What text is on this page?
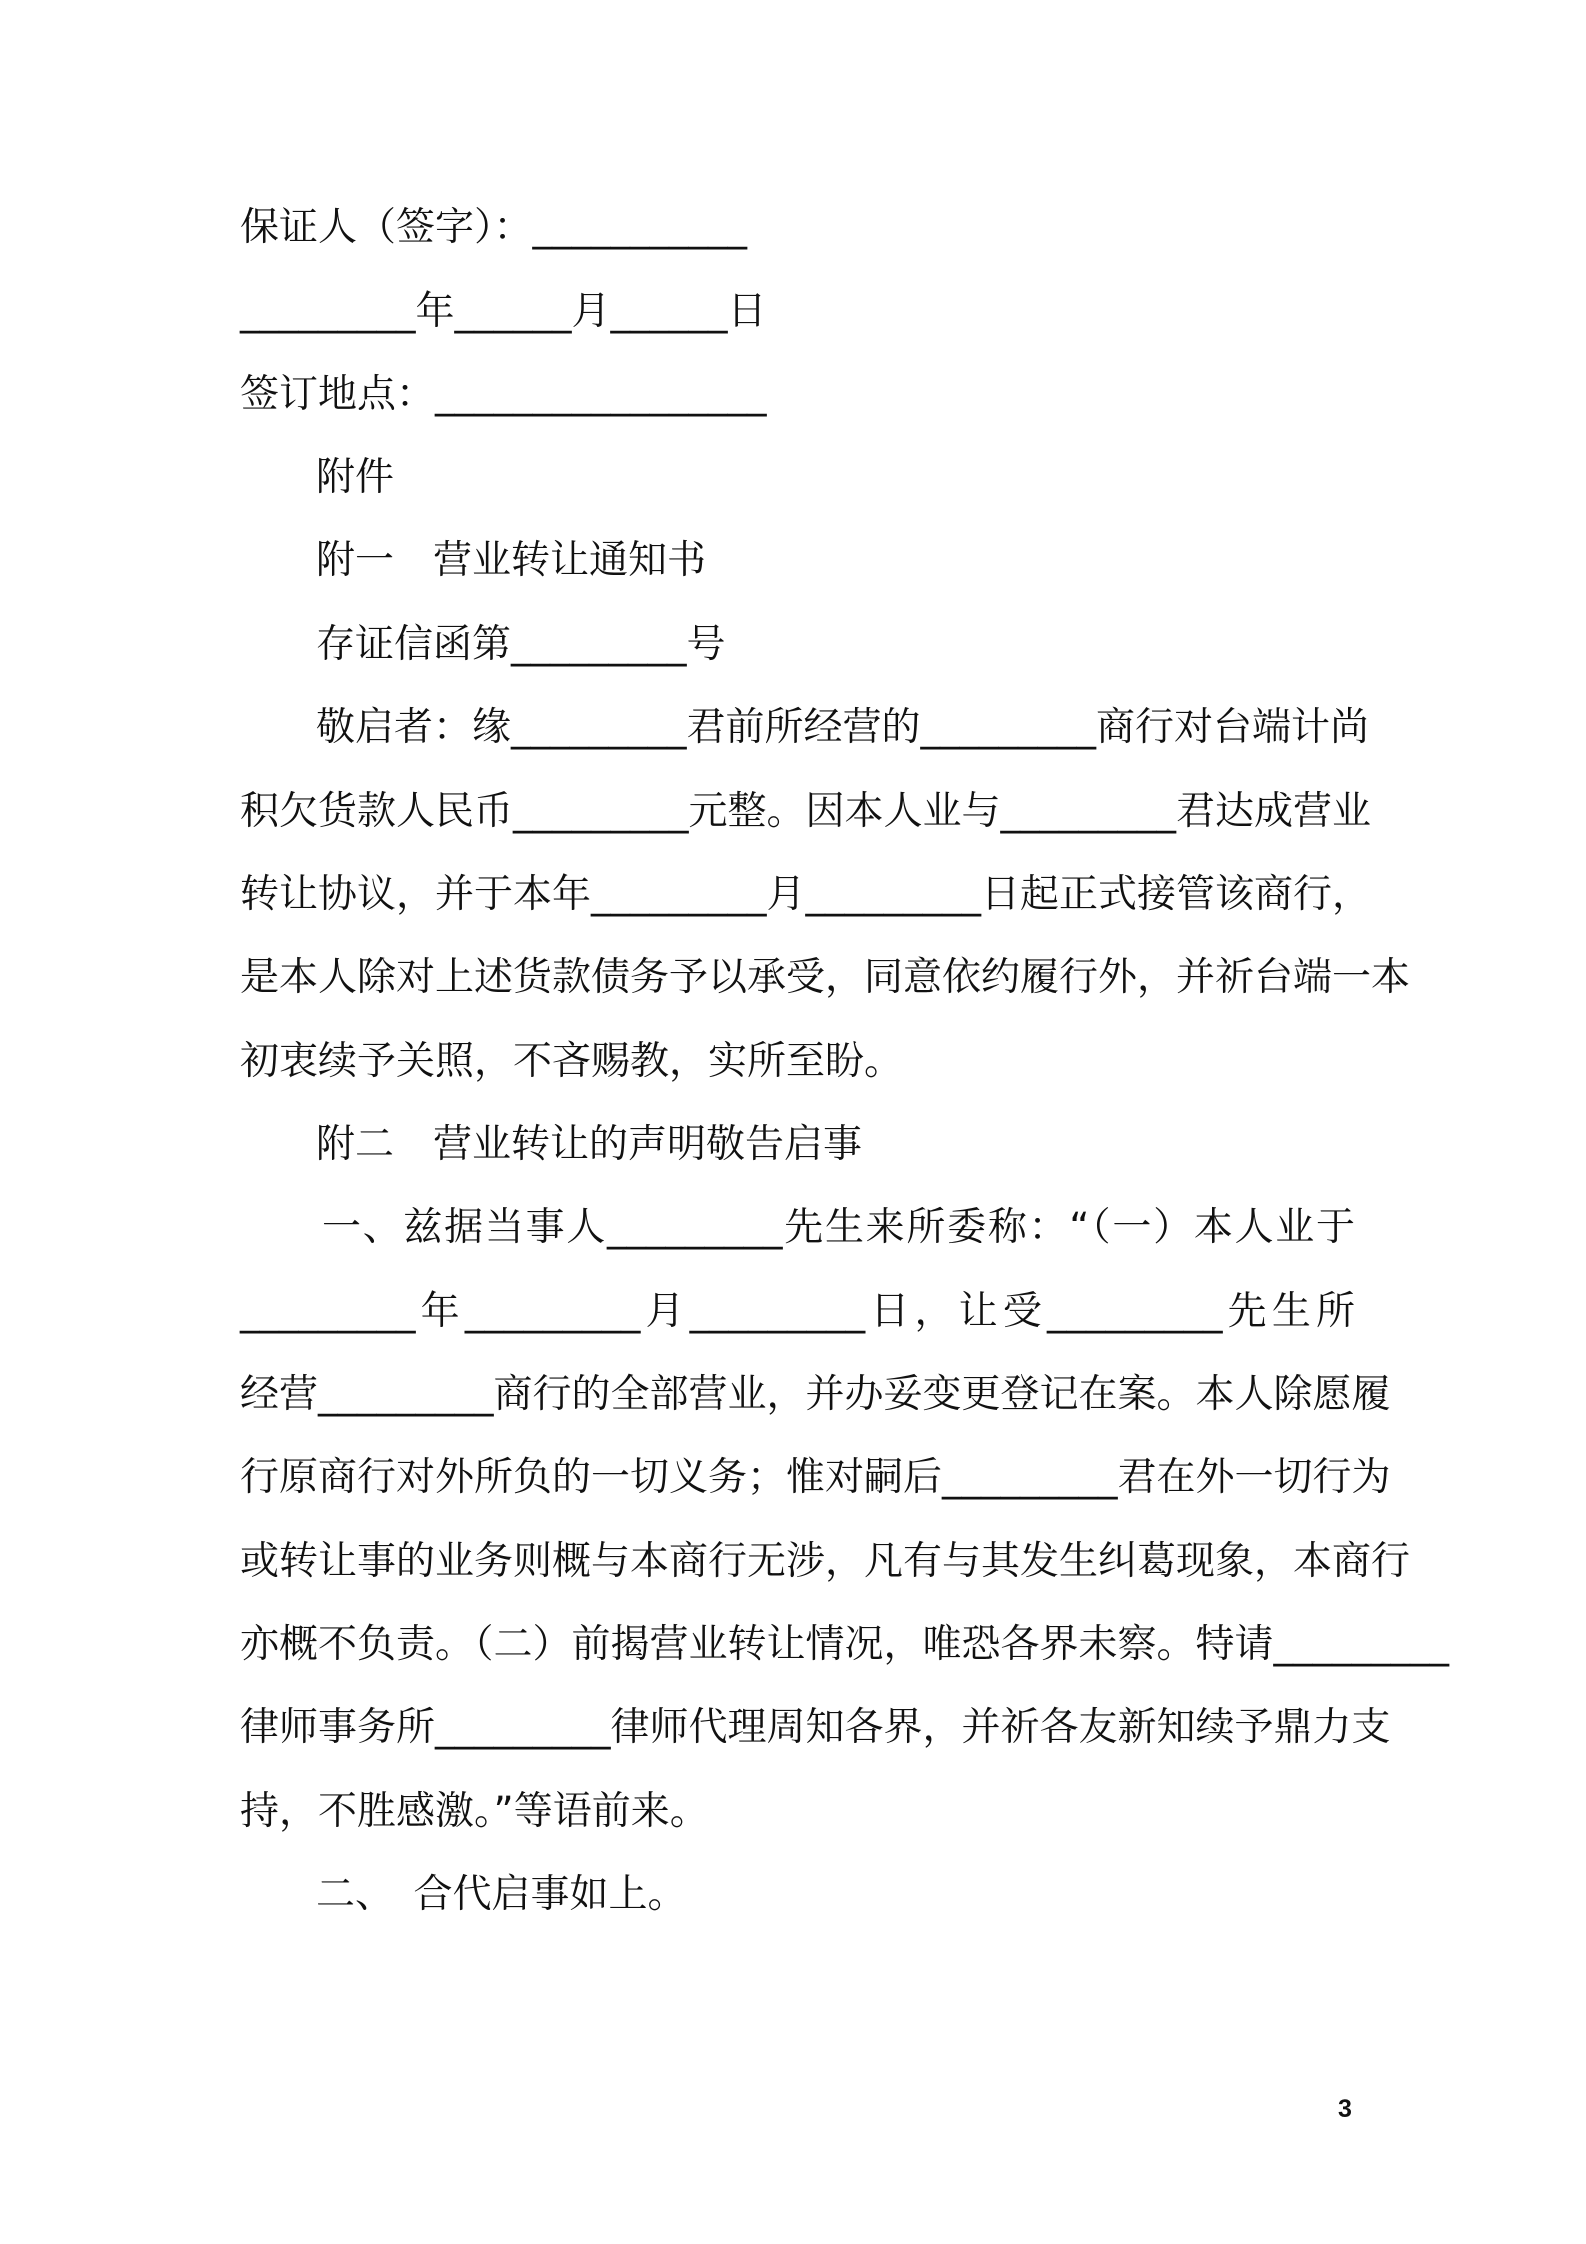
保证人（签字）：___________
_________年______月______日
签订地点：_________________
附件
附一　营业转让通知书
存证信函第_________号
敬启者：缘_________君前所经营的_________商行对台端计尚
积欠货款人民币_________元整。因本人业与_________君达成营业
转让协议，并于本年_________月_________日起正式接管该商行，
是本人除对上述货款债务予以承受，同意依约履行外，并祈台端一本
初衷续予关照，不吝赐教，实所至盼。
附二　营业转让的声明敬告启事
一、兹据当事人_________先生来所委称：“（一）本人业于
_________年_________月_________日，让受_________先生所
经营_________商行的全部营业，并办妥变更登记在案。本人除愿履
行原商行对外所负的一切义务；惟对嗣后_________君在外一切行为
或转让事的业务则概与本商行无涉，凡有与其发生纠葛现象，本商行
亦概不负责。（二）前揭营业转让情况，唯恐各界未察。特请_________
律师事务所_________律师代理周知各界，并祈各友新知续予鼎力支
持，不胜感激。”等语前来。
二、　合代启事如上。
3
